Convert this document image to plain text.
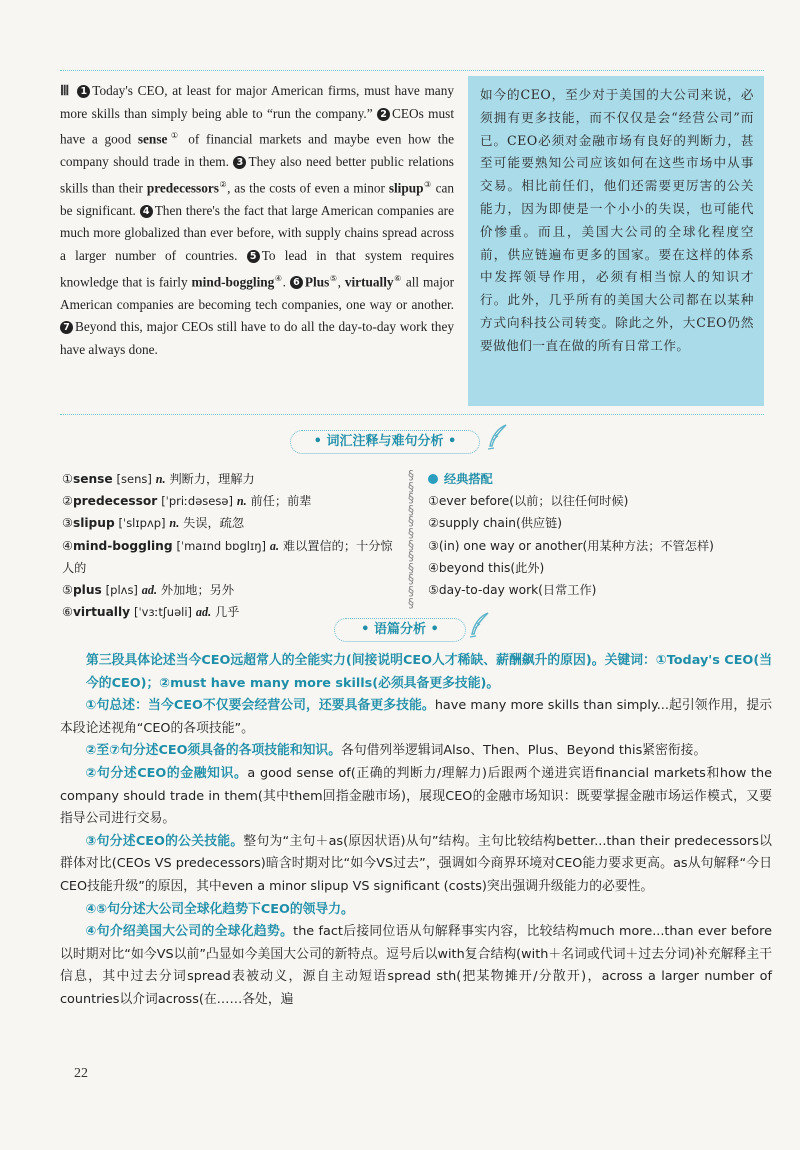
Ⅲ 1 Today's CEO, at least for major American firms, must have many more skills than simply being able to “run the company.” 2 CEOs must have a good sense① of financial markets and maybe even how the company should trade in them. 3 They also need better public relations skills than their predecessors②, as the costs of even a minor slipup③ can be significant. 4 Then there's the fact that large American companies are much more globalized than ever before, with supply chains spread across a larger number of countries. 5 To lead in that system requires knowledge that is fairly mind-boggling④. 6 Plus⑤, virtually⑥ all major American companies are becoming tech companies, one way or another. 7 Beyond this, major CEOs still have to do all the day-to-day work they have always done.
如今的CEO，至少对于美国的大公司来说，必须拥有更多技能，而不仅仅是会“经营公司”而已。CEO必须对金融市场有良好的判断力，甚至可能要熟知公司应该如何在这些市场中从事交易。相比前任们，他们还需要更厉害的公关能力，因为即使是一个小小的失误，也可能代价惨重。而且，美国大公司的全球化程度空前，供应链遍布更多的国家。要在这样的体系中发挥领导作用，必须有相当惊人的知识才行。此外，几乎所有的美国大公司都在以某种方式向科技公司转变。除此之外，大CEO仍然要做他们一直在做的所有日常工作。
• 词汇注释与难句分析 •
①sense [sens] n. 判断力，理解力
②predecessor [ˈpriːdəsesə] n. 前任；前辈
③slipup [ˈslɪpʌp] n. 失误，疏忽
④mind-boggling [ˈmaɪnd bɒglɪŋ] a. 难以置信的；十分惊人的
⑤plus [plʌs] ad. 外加地；另外
⑥virtually [ˈvɜːtʃuəli] ad. 几乎
§
§
§
§
§
§
§
§
§
§
§
§
经典搭配
①ever before(以前；以往任何时候)
②supply chain(供应链)
③(in) one way or another(用某种方法；不管怎样)
④beyond this(此外)
⑤day-to-day work(日常工作)
• 语篇分析 •

第三段具体论述当今CEO远超常人的全能实力(间接说明CEO人才稀缺、薪酬飙升的原因)。关键词：①Today's CEO(当今的CEO)；②must have many more skills(必须具备更多技能)。

①句总述：当今CEO不仅要会经营公司，还要具备更多技能。have many more skills than simply...起引领作用，提示本段论述视角“CEO的各项技能”。

②至⑦句分述CEO须具备的各项技能和知识。各句借列举逻辑词Also、Then、Plus、Beyond this紧密衔接。

②句分述CEO的金融知识。a good sense of(正确的判断力/理解力)后跟两个递进宾语financial markets和how the company should trade in them(其中them回指金融市场)，展现CEO的金融市场知识：既要掌握金融市场运作模式，又要指导公司进行交易。

③句分述CEO的公关技能。整句为“主句＋as(原因状语)从句”结构。主句比较结构better...than their predecessors以群体对比(CEOs VS predecessors)暗含时期对比“如今VS过去”，强调如今商界环境对CEO能力要求更高。as从句解释“今日CEO技能升级”的原因，其中even a minor slipup VS significant (costs)突出强调升级能力的必要性。

④⑤句分述大公司全球化趋势下CEO的领导力。

④句介绍美国大公司的全球化趋势。the fact后接同位语从句解释事实内容，比较结构much more...than ever before以时期对比“如今VS以前”凸显如今美国大公司的新特点。逗号后以with复合结构(with＋名词或代词＋过去分词)补充解释主干信息，其中过去分词spread表被动义，源自主动短语spread sth(把某物摊开/分散开)，across a larger number of countries以介词across(在……各处，遍

22
